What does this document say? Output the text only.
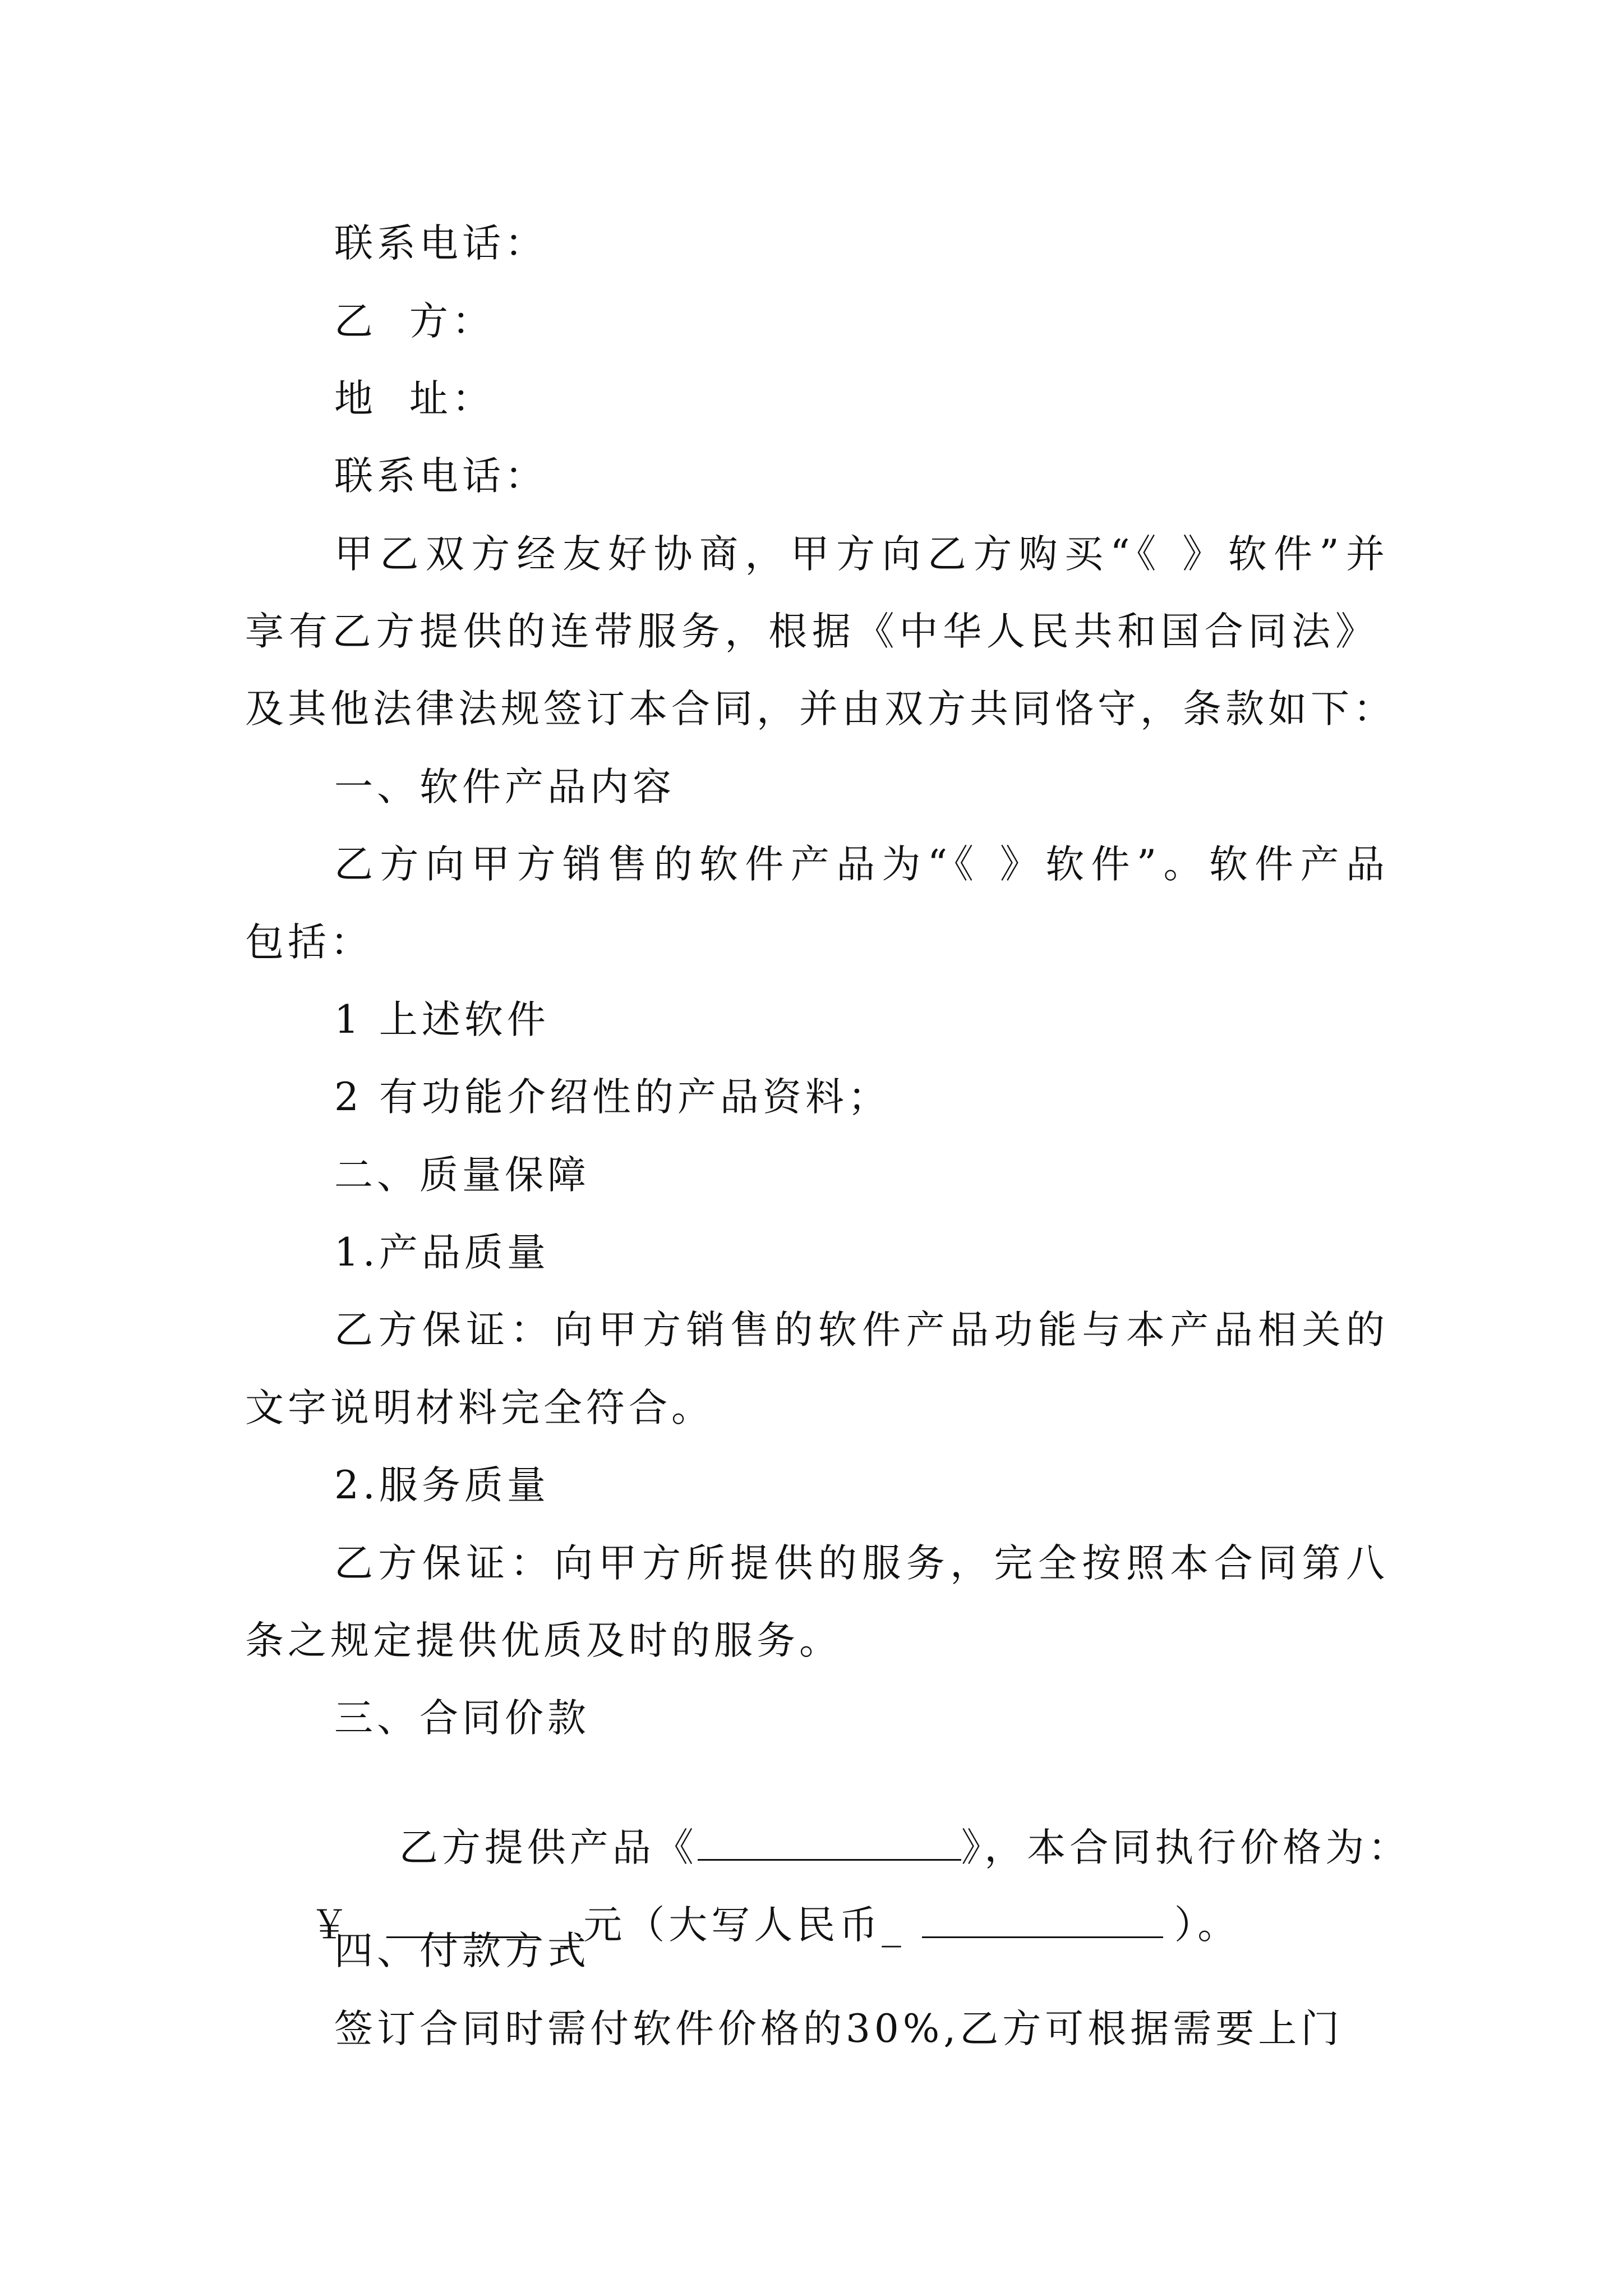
联系电话：
乙  方：
地  址：
联系电话：
甲乙双方经友好协商，甲方向乙方购买“《 》软件”并
享有乙方提供的连带服务，根据《中华人民共和国合同法》
及其他法律法规签订本合同，并由双方共同恪守，条款如下：
一、软件产品内容
乙方向甲方销售的软件产品为“《 》软件”。软件产品
包括：
1 上述软件
2 有功能介绍性的产品资料；
二、质量保障
1.产品质量
乙方保证：向甲方销售的软件产品功能与本产品相关的
文字说明材料完全符合。
2.服务质量
乙方保证：向甲方所提供的服务，完全按照本合同第八
条之规定提供优质及时的服务。
三、合同价款

乙方提供产品《	》，本合同执行价格为：

￥	_元（大写人民币_	）。

四、付款方式
签订合同时需付软件价格的30%,乙方可根据需要上门
